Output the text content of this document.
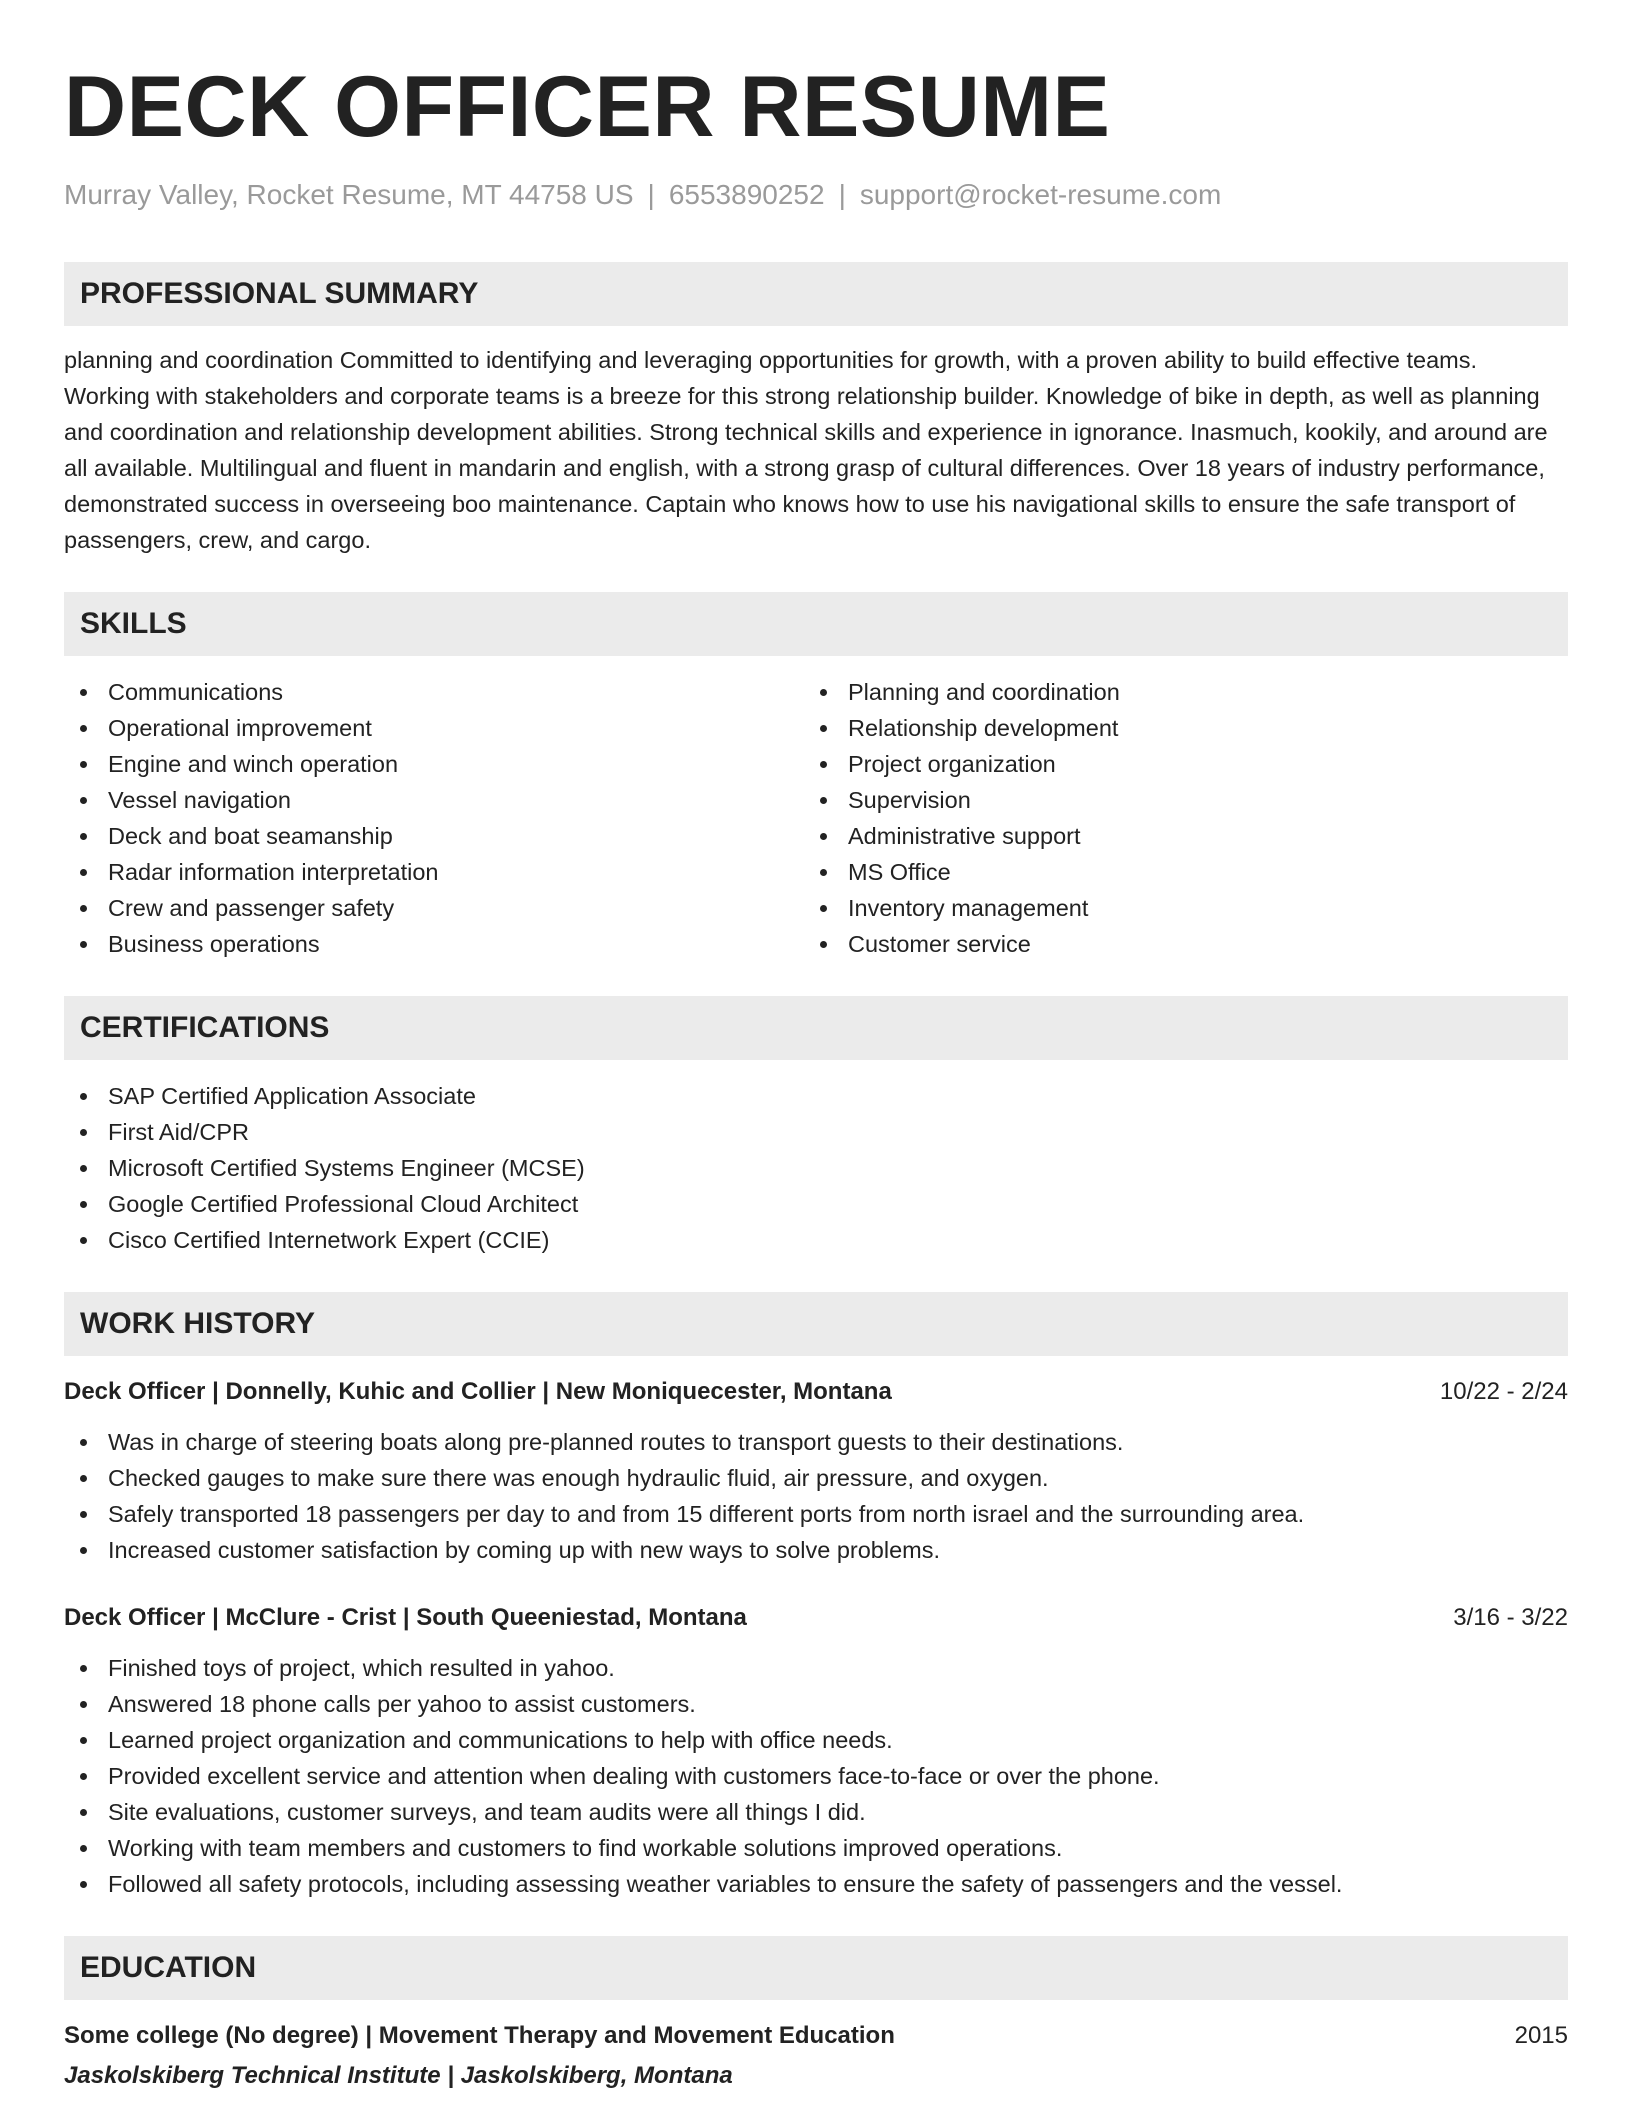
DECK OFFICER RESUME
Murray Valley, Rocket Resume, MT 44758 US | 6553890252 | support@rocket-resume.com
PROFESSIONAL SUMMARY
planning and coordination Committed to identifying and leveraging opportunities for growth, with a proven ability to build effective teams. Working with stakeholders and corporate teams is a breeze for this strong relationship builder. Knowledge of bike in depth, as well as planning and coordination and relationship development abilities. Strong technical skills and experience in ignorance. Inasmuch, kookily, and around are all available. Multilingual and fluent in mandarin and english, with a strong grasp of cultural differences. Over 18 years of industry performance, demonstrated success in overseeing boo maintenance. Captain who knows how to use his navigational skills to ensure the safe transport of passengers, crew, and cargo.
SKILLS
Communications
Operational improvement
Engine and winch operation
Vessel navigation
Deck and boat seamanship
Radar information interpretation
Crew and passenger safety
Business operations
Planning and coordination
Relationship development
Project organization
Supervision
Administrative support
MS Office
Inventory management
Customer service
CERTIFICATIONS
SAP Certified Application Associate
First Aid/CPR
Microsoft Certified Systems Engineer (MCSE)
Google Certified Professional Cloud Architect
Cisco Certified Internetwork Expert (CCIE)
WORK HISTORY
Deck Officer | Donnelly, Kuhic and Collier | New Moniquecester, Montana	10/22 - 2/24
Was in charge of steering boats along pre-planned routes to transport guests to their destinations.
Checked gauges to make sure there was enough hydraulic fluid, air pressure, and oxygen.
Safely transported 18 passengers per day to and from 15 different ports from north israel and the surrounding area.
Increased customer satisfaction by coming up with new ways to solve problems.
Deck Officer | McClure - Crist | South Queeniestad, Montana	3/16 - 3/22
Finished toys of project, which resulted in yahoo.
Answered 18 phone calls per yahoo to assist customers.
Learned project organization and communications to help with office needs.
Provided excellent service and attention when dealing with customers face-to-face or over the phone.
Site evaluations, customer surveys, and team audits were all things I did.
Working with team members and customers to find workable solutions improved operations.
Followed all safety protocols, including assessing weather variables to ensure the safety of passengers and the vessel.
EDUCATION
Some college (No degree) | Movement Therapy and Movement Education	2015
Jaskolskiberg Technical Institute | Jaskolskiberg, Montana
